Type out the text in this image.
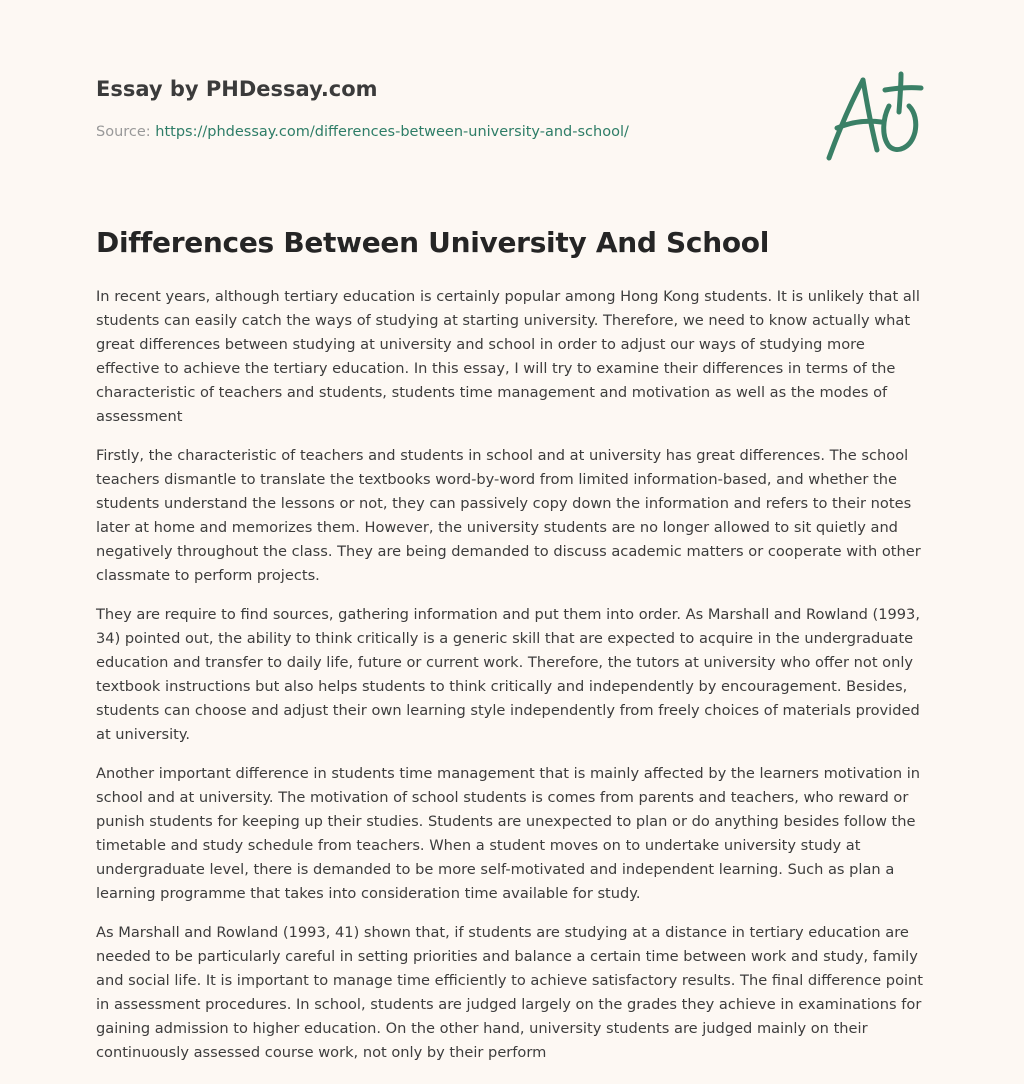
Essay by PHDessay.com
Source: https://phdessay.com/differences-between-university-and-school/
Differences Between University And School

In recent years, although tertiary education is certainly popular among Hong Kong students. It is unlikely that all students can easily catch the ways of studying at starting university. Therefore, we need to know actually what great differences between studying at university and school in order to adjust our ways of studying more effective to achieve the tertiary education. In this essay, I will try to examine their differences in terms of the characteristic of teachers and students, students time management and motivation as well as the modes of assessment

Firstly, the characteristic of teachers and students in school and at university has great differences. The school teachers dismantle to translate the textbooks word-by-word from limited information-based, and whether the students understand the lessons or not, they can passively copy down the information and refers to their notes later at home and memorizes them. However, the university students are no longer allowed to sit quietly and negatively throughout the class. They are being demanded to discuss academic matters or cooperate with other classmate to perform projects.

They are require to find sources, gathering information and put them into order. As Marshall and Rowland (1993, 34) pointed out, the ability to think critically is a generic skill that are expected to acquire in the undergraduate education and transfer to daily life, future or current work. Therefore, the tutors at university who offer not only textbook instructions but also helps students to think critically and independently by encouragement. Besides, students can choose and adjust their own learning style independently from freely choices of materials provided at university.

Another important difference in students time management that is mainly affected by the learners motivation in school and at university. The motivation of school students is comes from parents and teachers, who reward or punish students for keeping up their studies. Students are unexpected to plan or do anything besides follow the timetable and study schedule from teachers. When a student moves on to undertake university study at undergraduate level, there is demanded to be more self-motivated and independent learning. Such as plan a learning programme that takes into consideration time available for study.

As Marshall and Rowland (1993, 41) shown that, if students are studying at a distance in tertiary education are needed to be particularly careful in setting priorities and balance a certain time between work and study, family and social life. It is important to manage time efficiently to achieve satisfactory results. The final difference point in assessment procedures. In school, students are judged largely on the grades they achieve in examinations for gaining admission to higher education. On the other hand, university students are judged mainly on their continuously assessed course work, not only by their perform
